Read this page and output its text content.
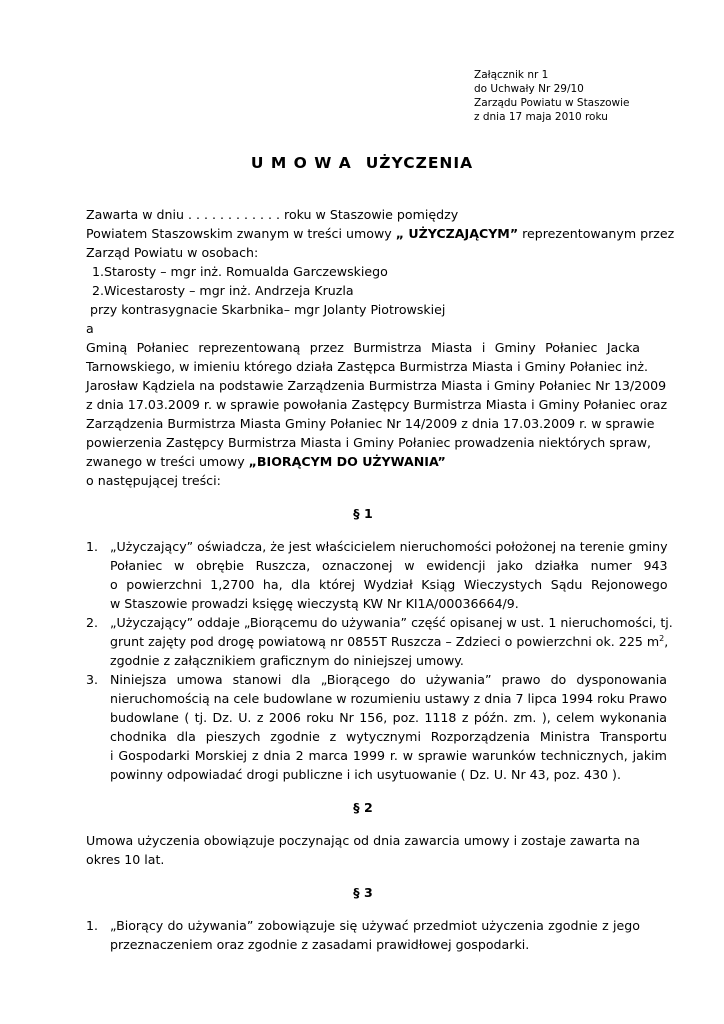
Załącznik nr 1
do Uchwały Nr 29/10
Zarządu Powiatu w Staszowie
z dnia 17 maja 2010 roku
U M O W A UŻYCZENIA
Zawarta w dniu . . . . . . . . . . . . roku w Staszowie pomiędzy
Powiatem Staszowskim zwanym w treści umowy „ UŻYCZAJĄCYM” reprezentowanym przez
Zarząd Powiatu w osobach:
1.Starosty – mgr inż. Romualda Garczewskiego
2.Wicestarosty – mgr inż. Andrzeja Kruzla
przy kontrasygnacie Skarbnika– mgr Jolanty Piotrowskiej
a
Gminą Połaniec reprezentowaną przez Burmistrza Miasta i Gminy Połaniec Jacka
Tarnowskiego, w imieniu którego działa Zastępca Burmistrza Miasta i Gminy Połaniec inż.
Jarosław Kądziela na podstawie Zarządzenia Burmistrza Miasta i Gminy Połaniec Nr 13/2009
z dnia 17.03.2009 r. w sprawie powołania Zastępcy Burmistrza Miasta i Gminy Połaniec oraz
Zarządzenia Burmistrza Miasta Gminy Połaniec Nr 14/2009 z dnia 17.03.2009 r. w sprawie
powierzenia Zastępcy Burmistrza Miasta i Gminy Połaniec prowadzenia niektórych spraw,
zwanego w treści umowy „BIORĄCYM DO UŻYWANIA”
o następującej treści:
§ 1
1. „Użyczający” oświadcza, że jest właścicielem nieruchomości położonej na terenie gminy
Połaniec w obrębie Ruszcza, oznaczonej w ewidencji jako działka numer 943
o powierzchni 1,2700 ha, dla której Wydział Ksiąg Wieczystych Sądu Rejonowego
w Staszowie prowadzi księgę wieczystą KW Nr KI1A/00036664/9.
2. „Użyczający” oddaje „Biorącemu do używania” część opisanej w ust. 1 nieruchomości, tj.
grunt zajęty pod drogę powiatową nr 0855T Ruszcza – Zdzieci o powierzchni ok. 225 $m^2$,
zgodnie z załącznikiem graficznym do niniejszej umowy.
3. Niniejsza umowa stanowi dla „Biorącego do używania” prawo do dysponowania
nieruchomością na cele budowlane w rozumieniu ustawy z dnia 7 lipca 1994 roku Prawo
budowlane ( tj. Dz. U. z 2006 roku Nr 156, poz. 1118 z późn. zm. ), celem wykonania
chodnika dla pieszych zgodnie z wytycznymi Rozporządzenia Ministra Transportu
i Gospodarki Morskiej z dnia 2 marca 1999 r. w sprawie warunków technicznych, jakim
powinny odpowiadać drogi publiczne i ich usytuowanie ( Dz. U. Nr 43, poz. 430 ).
§ 2
Umowa użyczenia obowiązuje poczynając od dnia zawarcia umowy i zostaje zawarta na
okres 10 lat.
§ 3
1. „Biorący do używania” zobowiązuje się używać przedmiot użyczenia zgodnie z jego
przeznaczeniem oraz zgodnie z zasadami prawidłowej gospodarki.
